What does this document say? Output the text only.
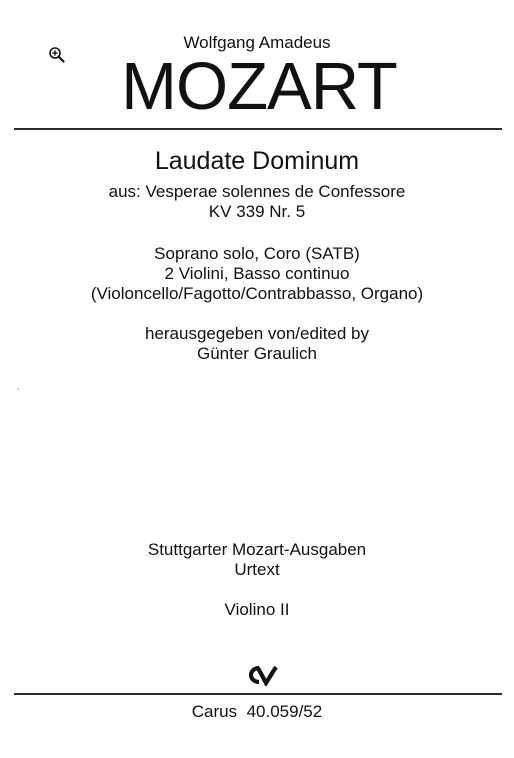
Wolfgang Amadeus
MOZART
Laudate Dominum
aus: Vesperae solennes de Confessore
KV 339 Nr. 5
Soprano solo, Coro (SATB)
2 Violini, Basso continuo
(Violoncello/Fagotto/Contrabbasso, Organo)
herausgegeben von/edited by
Günter Graulich
Stuttgarter Mozart-Ausgaben
Urtext
Violino II
Carus  40.059/52
